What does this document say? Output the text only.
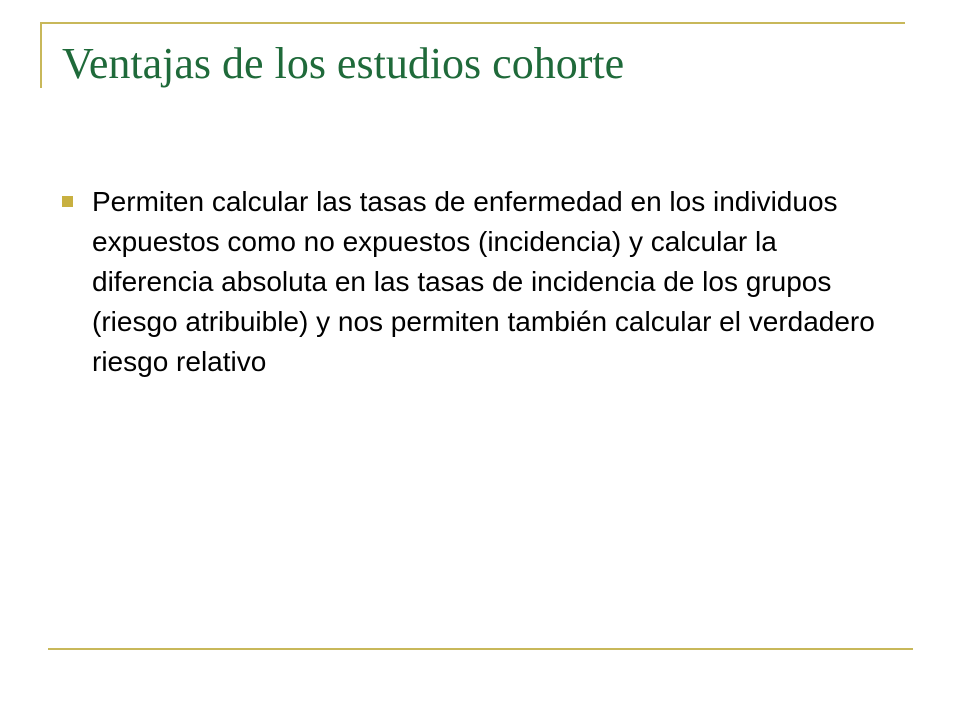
Ventajas de los estudios cohorte
Permiten calcular las tasas de enfermedad en los individuos expuestos como no expuestos (incidencia) y calcular la diferencia absoluta en las tasas de incidencia de los grupos (riesgo atribuible) y nos permiten también calcular el verdadero riesgo relativo
